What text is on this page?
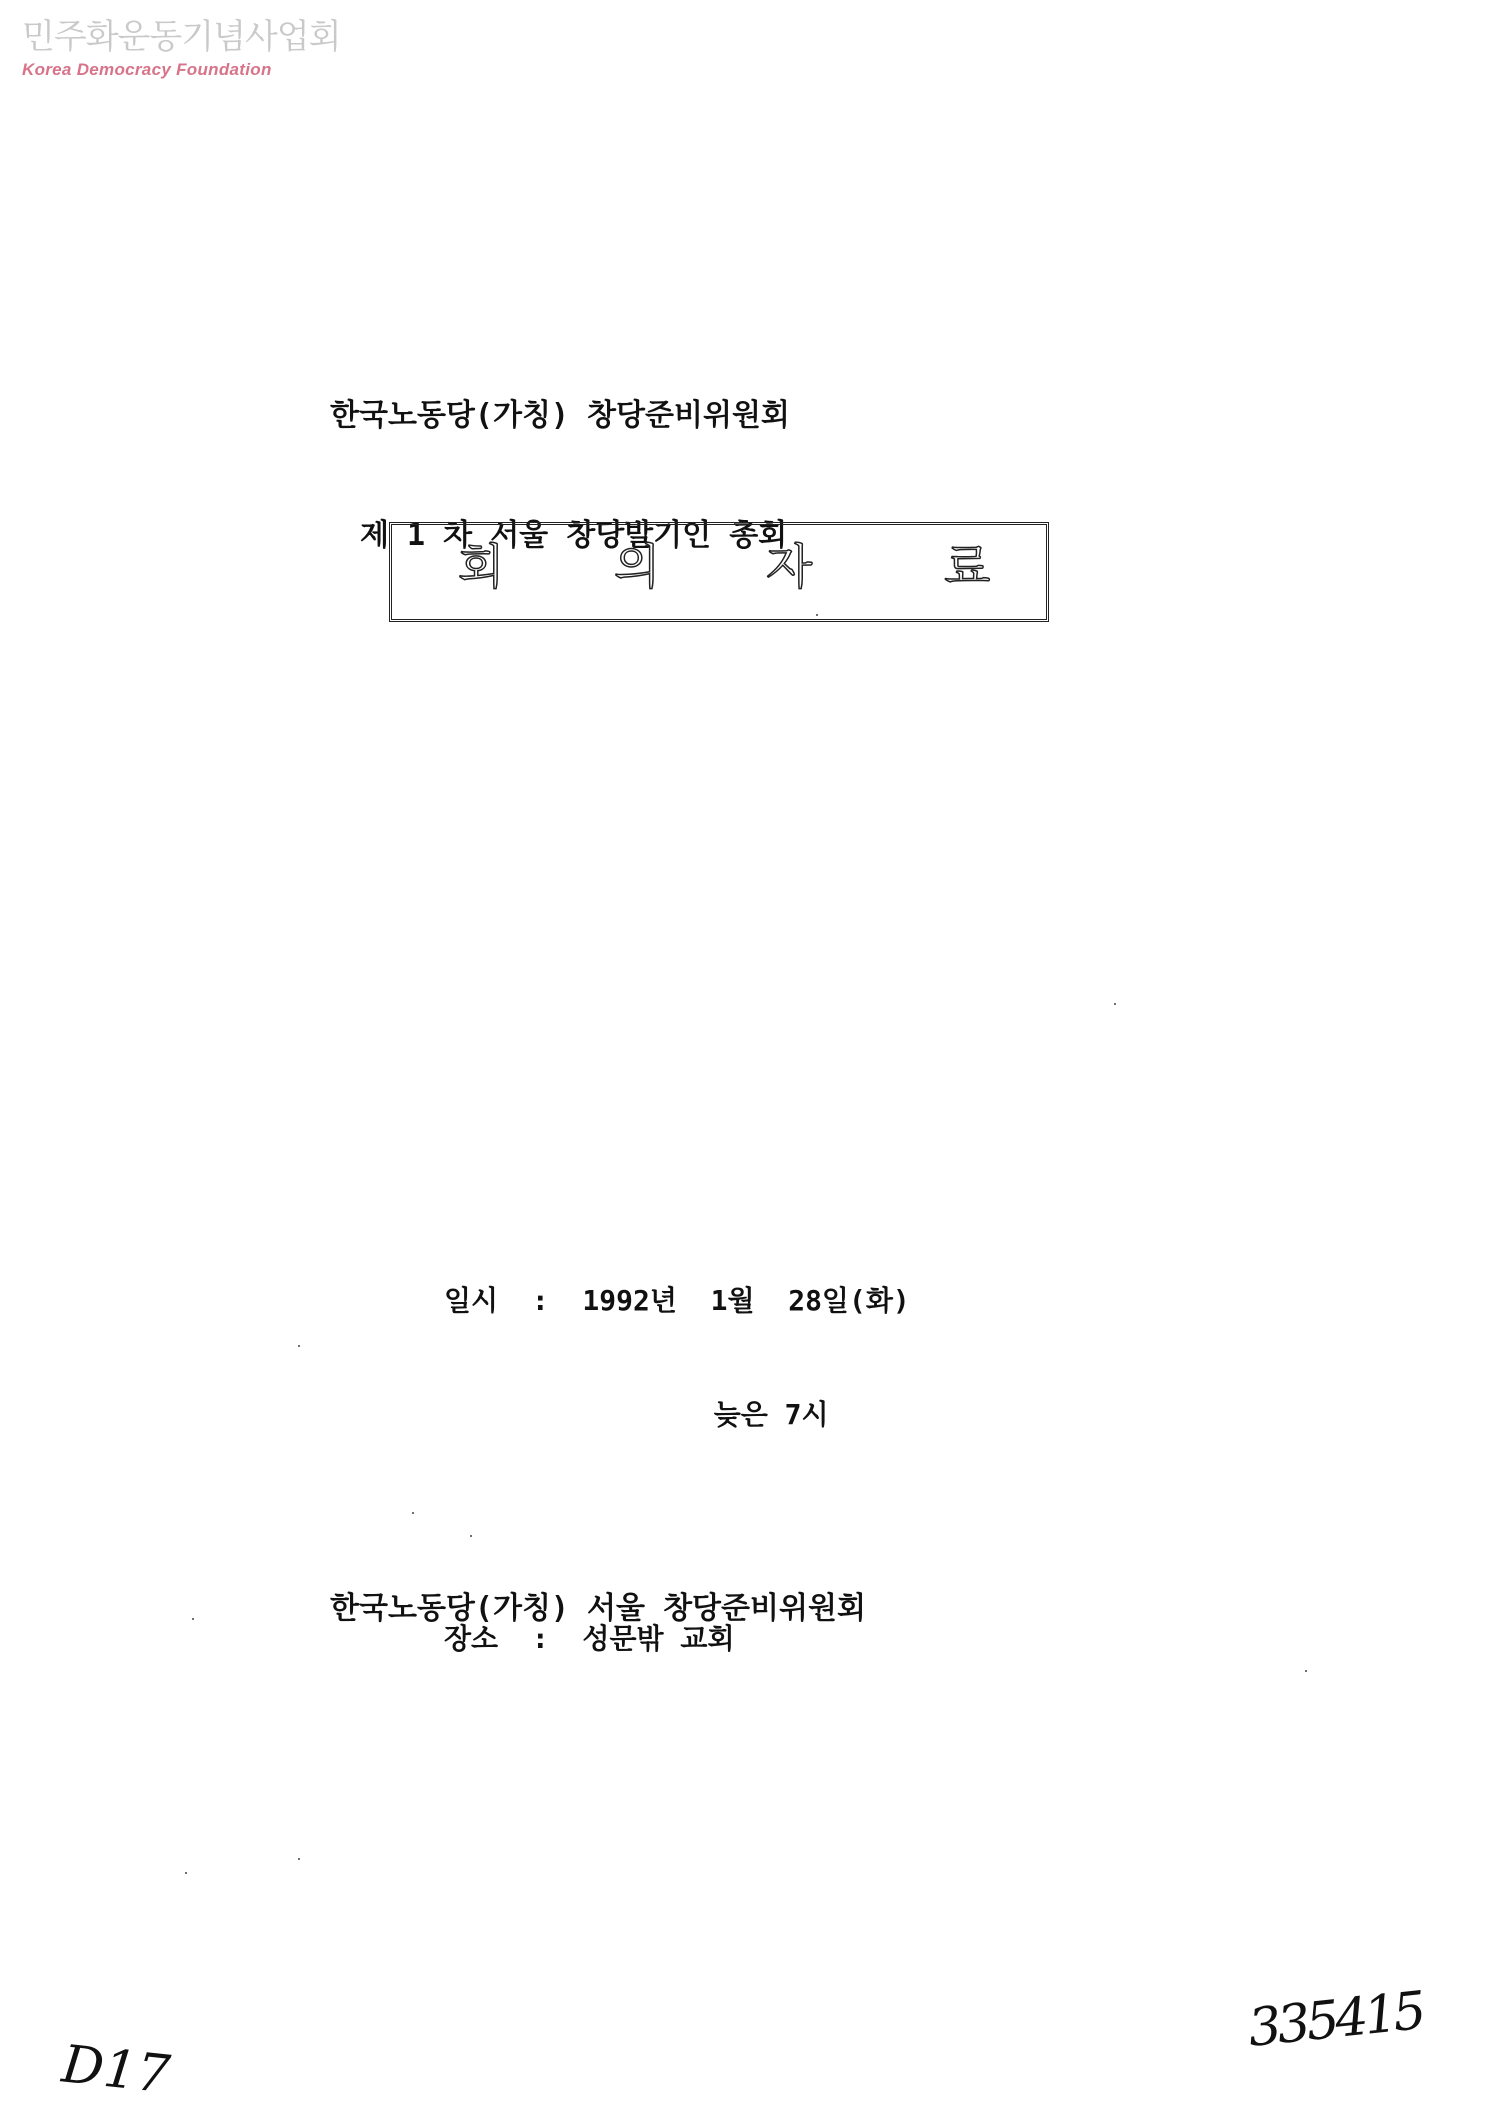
민주화운동기념사업회
Korea Democracy Foundation

한국노동당(가칭) 창당준비위원회

제 1 차 서울 창당발기인 총회

회 의 자	료

일시 : 1992년  1월  28일(화)

늦은 7시

장소 : 성문밖 교회

한국노동당(가칭) 서울 창당준비위원회
D17
335415
